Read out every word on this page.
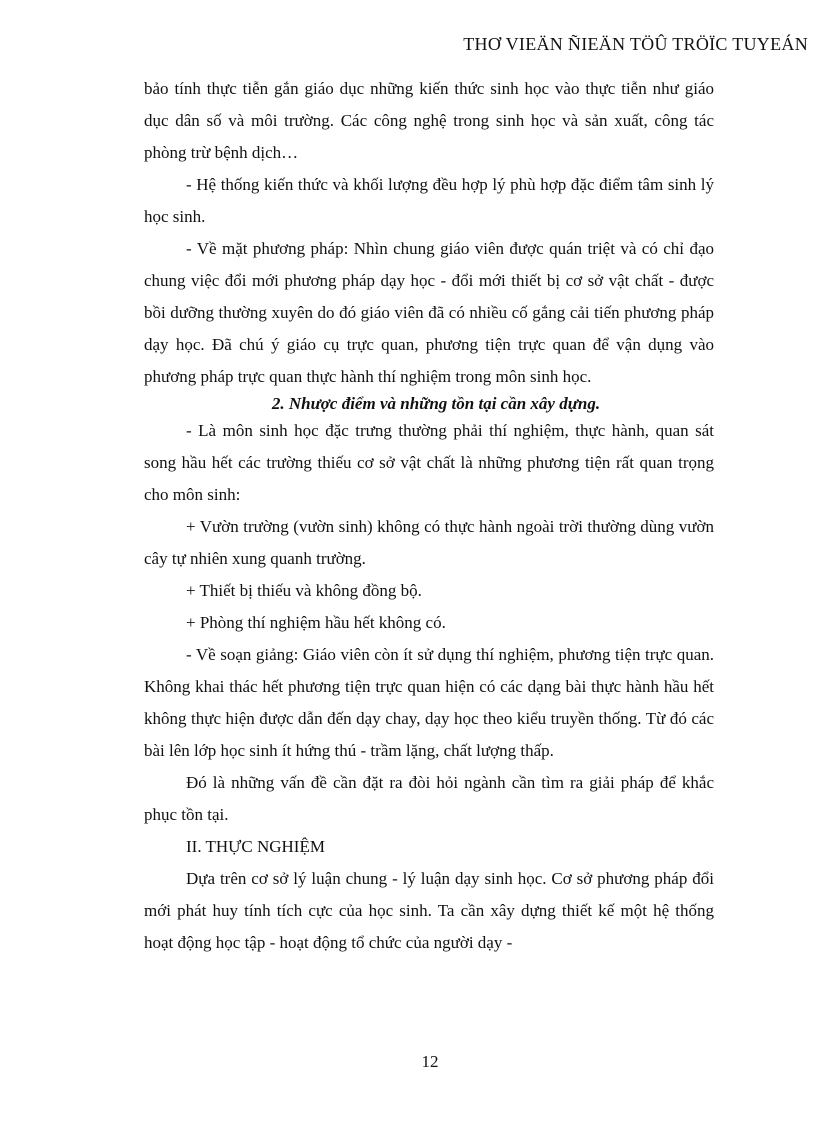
THƠ VIEÄN ÑIEÄN TÖÛ TRÖÏC TUYEÁN

bảo tính thực tiễn gắn giáo dục những kiến thức sinh học vào thực tiễn như giáo dục dân số và môi trường. Các công nghệ trong sinh học và sản xuất, công tác phòng trừ bệnh dịch…

- Hệ thống kiến thức và khối lượng đều hợp lý phù hợp đặc điểm tâm sinh lý học sinh.

- Về mặt phương pháp: Nhìn chung giáo viên được quán triệt và có chỉ đạo chung việc đổi mới phương pháp dạy học - đổi mới thiết bị cơ sở vật chất - được bồi dưỡng thường xuyên do đó giáo viên đã có nhiều cố gắng cải tiến phương pháp dạy học. Đã chú ý giáo cụ trực quan, phương tiện trực quan để vận dụng vào phương pháp trực quan thực hành thí nghiệm trong môn sinh học.

2. Nhược điểm và những tồn tại cần xây dựng.

- Là môn sinh học đặc trưng thường phải thí nghiệm, thực hành, quan sát song hầu hết các trường thiếu cơ sở vật chất là những phương tiện rất quan trọng cho môn sinh:

+ Vườn trường (vườn sinh) không có thực hành ngoài trời thường dùng vườn cây tự nhiên xung quanh trường.

+ Thiết bị thiếu và không đồng bộ.

+ Phòng thí nghiệm hầu hết không có.

- Về soạn giảng: Giáo viên còn ít sử dụng thí nghiệm, phương tiện trực quan. Không khai thác hết phương tiện trực quan hiện có các dạng bài thực hành hầu hết không thực hiện được dẫn đến dạy chay, dạy học theo kiểu truyền thống. Từ đó các bài lên lớp học sinh ít hứng thú - trầm lặng, chất lượng thấp.

Đó là những vấn đề cần đặt ra đòi hỏi ngành cần tìm ra giải pháp để khắc phục tồn tại.

II. THỰC NGHIỆM

Dựa trên cơ sở lý luận chung - lý luận dạy sinh học. Cơ sở phương pháp đổi mới phát huy tính tích cực của học sinh. Ta cần xây dựng thiết kế một hệ thống hoạt động học tập - hoạt động tổ chức của người dạy -

12
